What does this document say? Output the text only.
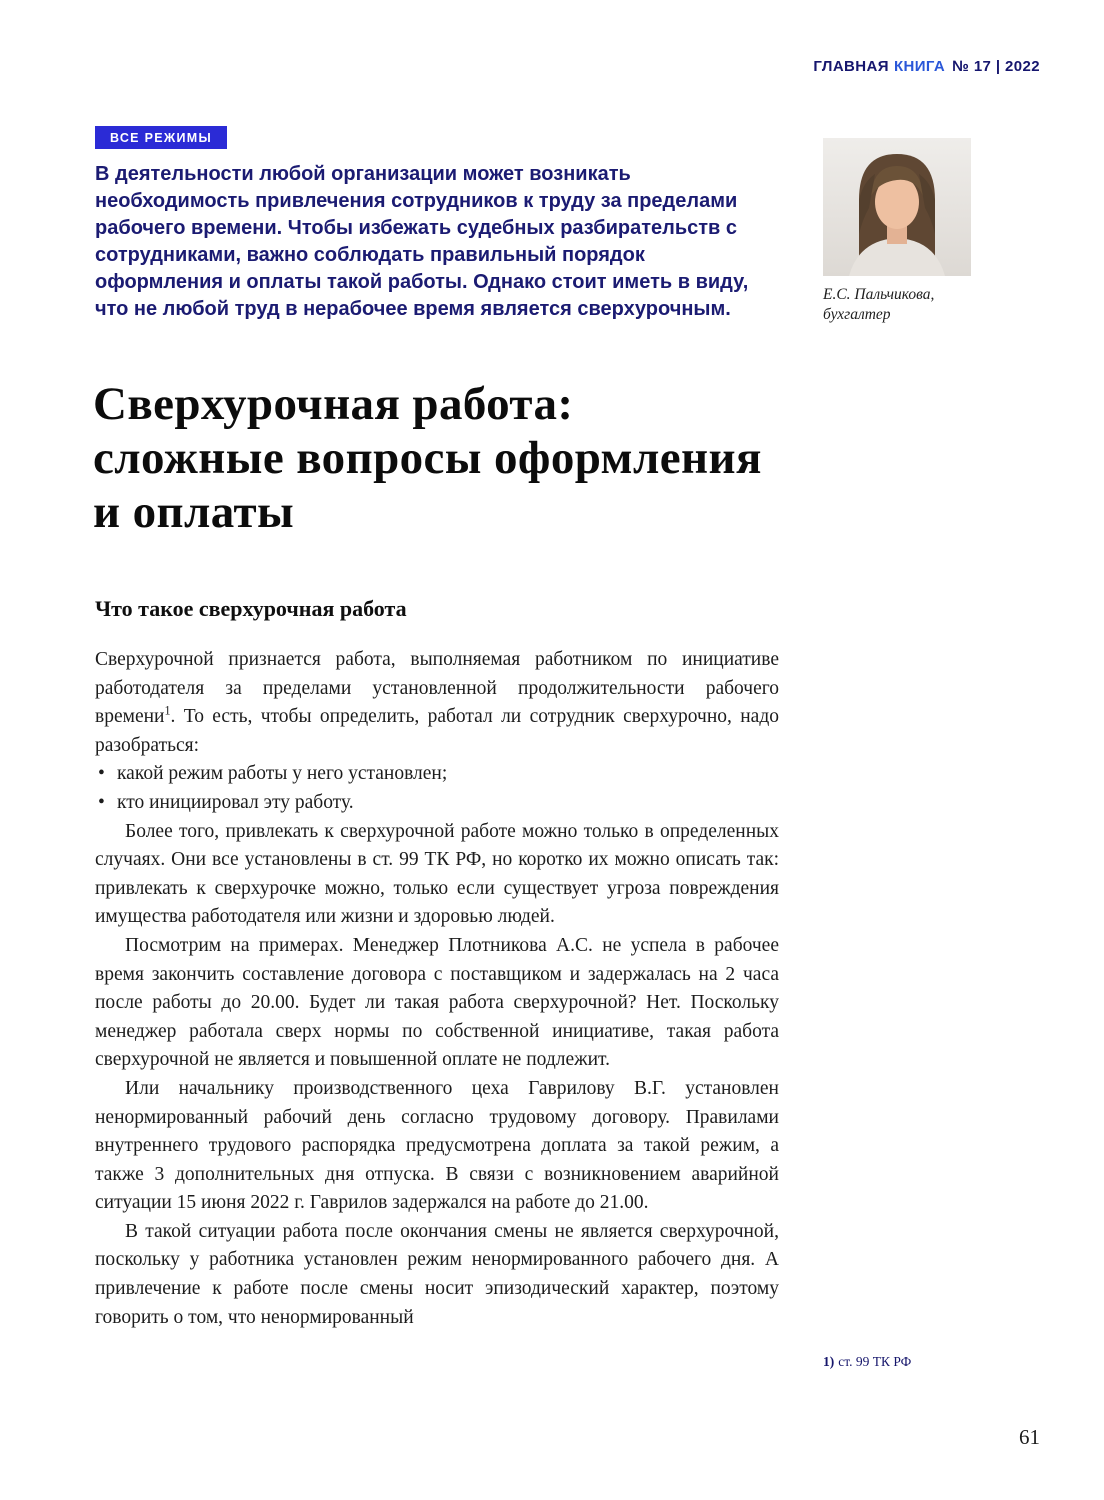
ГЛАВНАЯ КНИГА № 17 | 2022
ВСЕ РЕЖИМЫ
В деятельности любой организации может возникать необходимость привлечения сотрудников к труду за пределами рабочего времени. Чтобы избежать судебных разбирательств с сотрудниками, важно соблюдать правильный порядок оформления и оплаты такой работы. Однако стоит иметь в виду, что не любой труд в нерабочее время является сверхурочным.
Е.С. Пальчикова,
бухгалтер
Сверхурочная работа:
сложные вопросы оформления
и оплаты
Что такое сверхурочная работа

Сверхурочной признается работа, выполняемая работником по инициативе работодателя за пределами установленной продолжительности рабочего времени$^1$. То есть, чтобы определить, работал ли сотрудник сверхурочно, надо разобраться:

• какой режим работы у него установлен;
• кто инициировал эту работу.

Более того, привлекать к сверхурочной работе можно только в определенных случаях. Они все установлены в ст. 99 ТК РФ, но коротко их можно описать так: привлекать к сверхурочке можно, только если существует угроза повреждения имущества работодателя или жизни и здоровью людей.

Посмотрим на примерах. Менеджер Плотникова А.С. не успела в рабочее время закончить составление договора с поставщиком и задержалась на 2 часа после работы до 20.00. Будет ли такая работа сверхурочной? Нет. Поскольку менеджер работала сверх нормы по собственной инициативе, такая работа сверхурочной не является и повышенной оплате не подлежит.

Или начальнику производственного цеха Гаврилову В.Г. установлен ненормированный рабочий день согласно трудовому договору. Правилами внутреннего трудового распорядка предусмотрена доплата за такой режим, а также 3 дополнительных дня отпуска. В связи с возникновением аварийной ситуации 15 июня 2022 г. Гаврилов задержался на работе до 21.00.

В такой ситуации работа после окончания смены не является сверхурочной, поскольку у работника установлен режим ненормированного рабочего дня. А привлечение к работе после смены носит эпизодический характер, поэтому говорить о том, что ненормированный

1) ст. 99 ТК РФ
61
